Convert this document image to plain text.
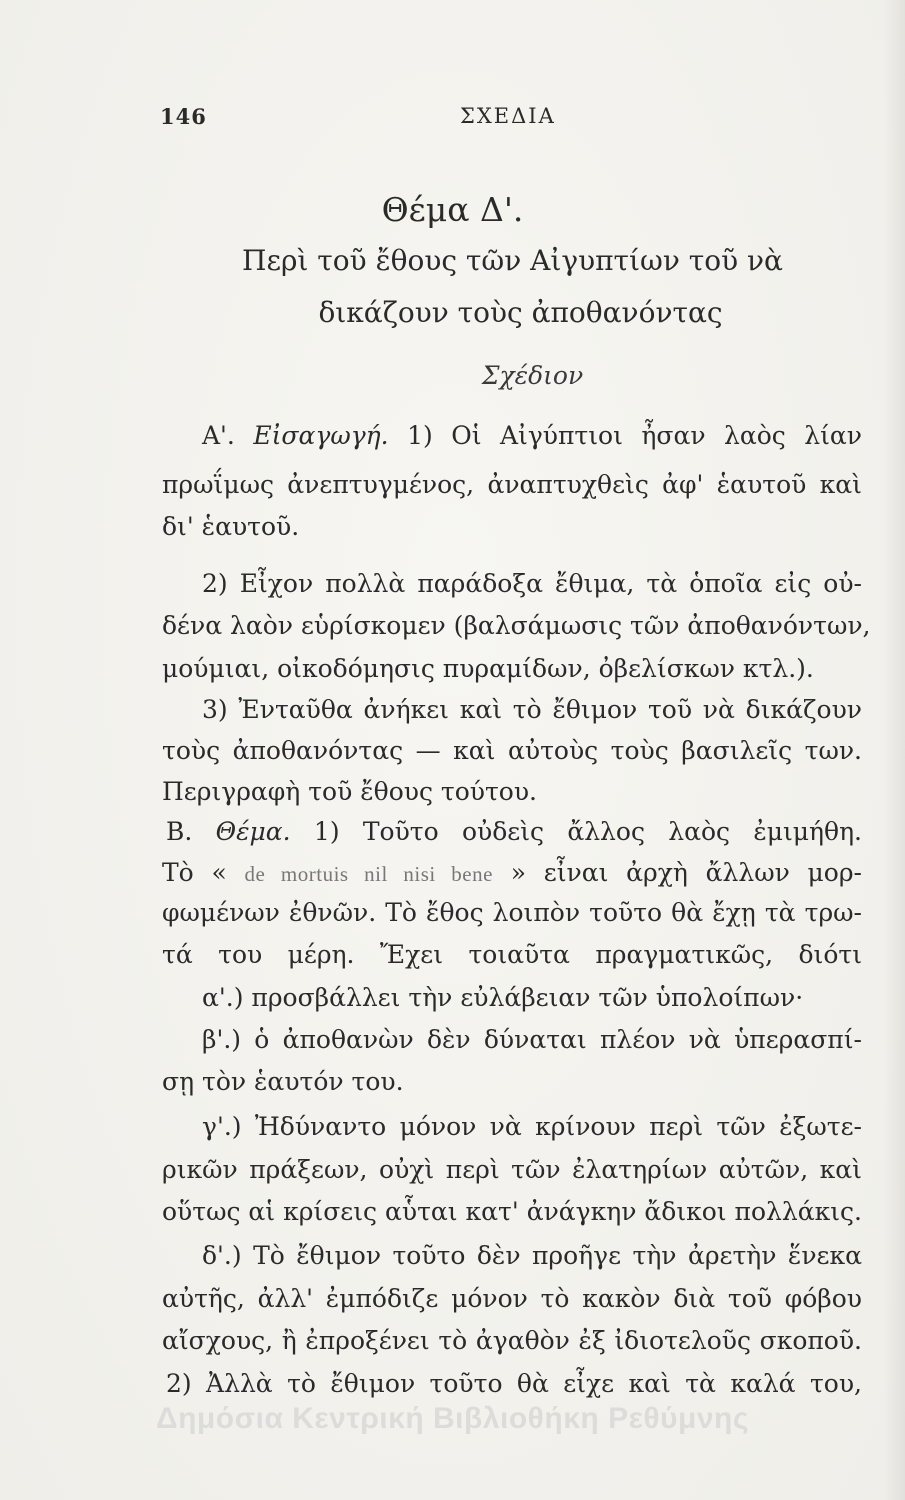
146	ΣΧΕΔΙΑ
Θέμα Δ'.
Περὶ τοῦ ἔθους τῶν Αἰγυπτίων τοῦ νὰ
δικάζουν τοὺς ἀποθανόντας
Σχέδιον
Α'. Εἰσαγωγή. 1) Οἱ Αἰγύπτιοι ἦσαν λαὸς λίαν
πρωΐμως ἀνεπτυγμένος, ἀναπτυχθεὶς ἀφ' ἑαυτοῦ καὶ
δι' ἑαυτοῦ.
2) Εἶχον πολλὰ παράδοξα ἔθιμα, τὰ ὁποῖα εἰς οὐ-
δένα λαὸν εὑρίσκομεν (βαλσάμωσις τῶν ἀποθανόντων,
μούμιαι, οἰκοδόμησις πυραμίδων, ὀβελίσκων κτλ.).
3) Ἐνταῦθα ἀνήκει καὶ τὸ ἔθιμον τοῦ νὰ δικάζουν
τοὺς ἀποθανόντας — καὶ αὐτοὺς τοὺς βασιλεῖς των.
Περιγραφὴ τοῦ ἔθους τούτου.
Β. Θέμα. 1) Τοῦτο οὐδεὶς ἄλλος λαὸς ἐμιμήθη.
Τὸ « de mortuis nil nisi bene » εἶναι ἀρχὴ ἄλλων μορ-
φωμένων ἐθνῶν. Τὸ ἔθος λοιπὸν τοῦτο θὰ ἔχῃ τὰ τρω-
τά του μέρη. Ἔχει τοιαῦτα πραγματικῶς, διότι
α'.) προσβάλλει τὴν εὐλάβειαν τῶν ὑπολοίπων·
β'.) ὁ ἀποθανὼν δὲν δύναται πλέον νὰ ὑπερασπί-
σῃ τὸν ἑαυτόν του.
γ'.) Ἠδύναντο μόνον νὰ κρίνουν περὶ τῶν ἐξωτε-
ρικῶν πράξεων, οὐχὶ περὶ τῶν ἐλατηρίων αὐτῶν, καὶ
οὕτως αἱ κρίσεις αὗται κατ' ἀνάγκην ἄδικοι πολλάκις.
δ'.) Τὸ ἔθιμον τοῦτο δὲν προῆγε τὴν ἀρετὴν ἕνεκα
αὐτῆς, ἀλλ' ἐμπόδιζε μόνον τὸ κακὸν διὰ τοῦ φόβου
αἴσχους, ἢ ἐπροξένει τὸ ἀγαθὸν ἐξ ἰδιοτελοῦς σκοποῦ.
2) Ἀλλὰ τὸ ἔθιμον τοῦτο θὰ εἶχε καὶ τὰ καλά του,
Δημόσια Κεντρική Βιβλιοθήκη Ρεθύμνης
